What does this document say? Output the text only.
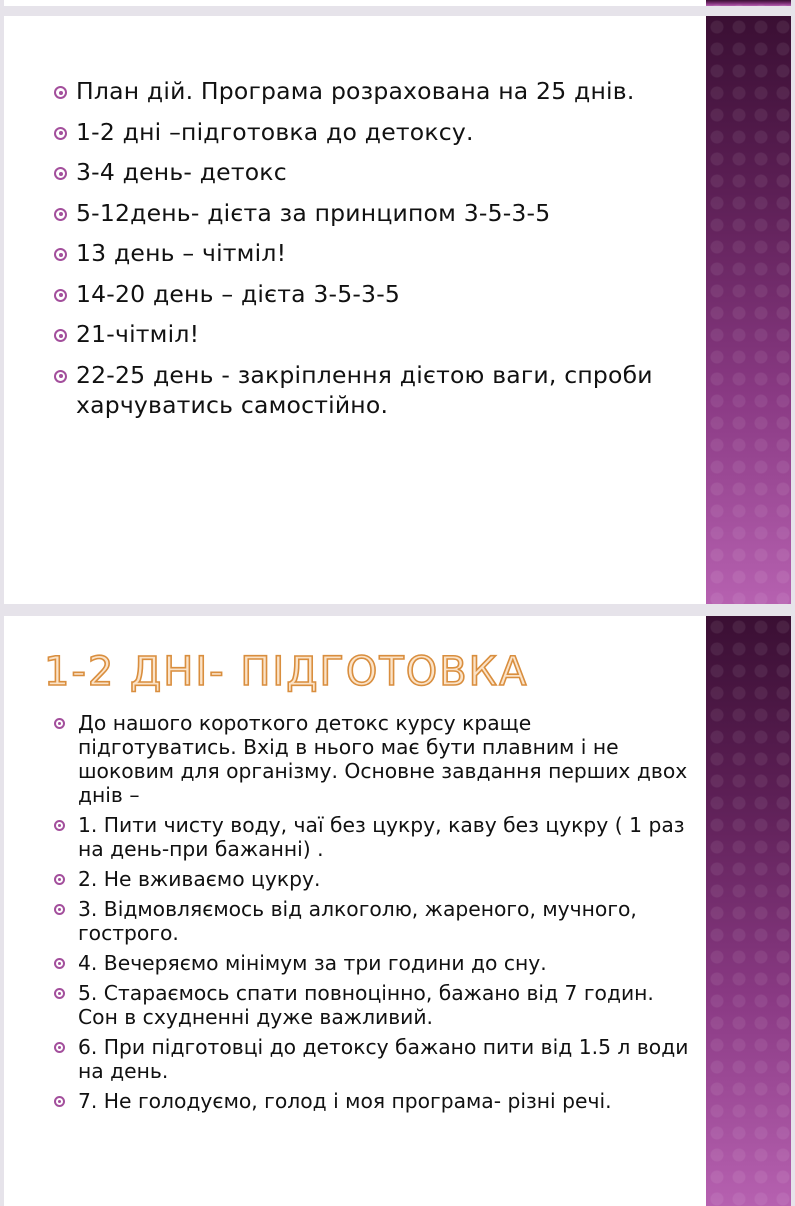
План дій. Програма розрахована на 25 днів.
1-2 дні –підготовка до детоксу.
3-4 день- детокс
5-12день- дієта за принципом 3-5-3-5
13 день – чітміл!
14-20 день – дієта 3-5-3-5
21-чітміл!
22-25 день - закріплення дієтою ваги, спроби харчуватись самостійно.
1-2 ДНІ- ПІДГОТОВКА
До нашого короткого детокс курсу краще підготуватись. Вхід в нього має бути плавним і не шоковим для організму. Основне завдання перших двох днів –
1. Пити чисту воду, чаї без цукру, каву без цукру ( 1 раз на день-при бажанні) .
2. Не вживаємо цукру.
3. Відмовляємось від алкоголю, жареного, мучного, гострого.
4. Вечеряємо мінімум за три години до сну.
5. Стараємось спати повноцінно, бажано від 7 годин. Сон в схудненні дуже важливий.
6. При підготовці до детоксу бажано пити від 1.5 л води на день.
7. Не голодуємо, голод і моя програма- різні речі.
